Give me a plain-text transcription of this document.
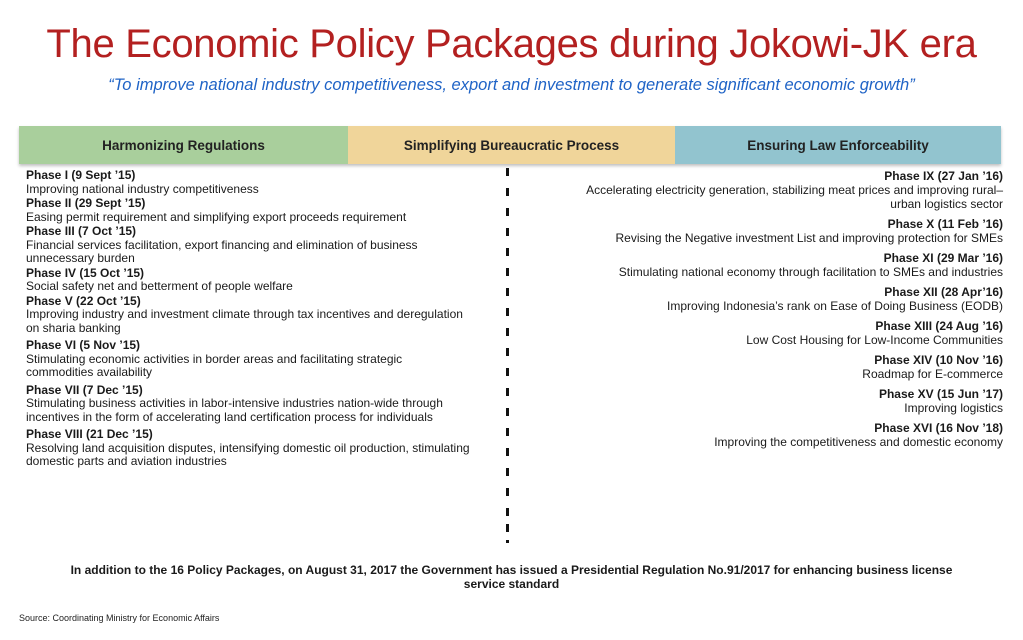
The Economic Policy Packages during Jokowi-JK era
“To improve national industry competitiveness, export and investment to generate significant economic growth”
Harmonizing Regulations	Simplifying Bureaucratic Process	Ensuring Law Enforceability
Phase I (9 Sept ’15)
Improving national industry competitiveness
Phase II (29 Sept ’15)
Easing permit requirement and simplifying export proceeds requirement
Phase III (7 Oct ’15)
Financial services facilitation, export financing and elimination of business unnecessary burden
Phase IV (15 Oct ’15)
Social safety net and betterment of people welfare
Phase V (22 Oct ’15)
Improving industry and investment climate through tax incentives and deregulation on sharia banking
Phase VI (5 Nov ’15)
Stimulating economic activities in border areas and facilitating strategic commodities availability
Phase VII (7 Dec ’15)
Stimulating business activities in labor-intensive industries nation-wide through incentives in the form of accelerating land certification process for individuals
Phase VIII (21 Dec ’15)
Resolving land acquisition disputes, intensifying domestic oil production, stimulating domestic parts and aviation industries
Phase IX (27 Jan ’16)
Accelerating electricity generation, stabilizing meat prices and improving rural–urban logistics sector
Phase X (11 Feb ’16)
Revising the Negative investment List and improving protection for SMEs
Phase XI (29 Mar ’16)
Stimulating national economy through facilitation to SMEs and industries
Phase XII (28 Apr’16)
Improving Indonesia’s rank on Ease of Doing Business (EODB)
Phase XIII (24 Aug ’16)
Low Cost Housing for Low-Income Communities
Phase XIV (10 Nov ’16)
Roadmap for E-commerce
Phase XV (15 Jun ’17)
Improving logistics
Phase XVI (16 Nov ’18)
Improving the competitiveness and domestic economy
In addition to the 16 Policy Packages, on August 31, 2017 the Government has issued a Presidential Regulation No.91/2017 for enhancing business license service standard
Source: Coordinating Ministry for Economic Affairs
